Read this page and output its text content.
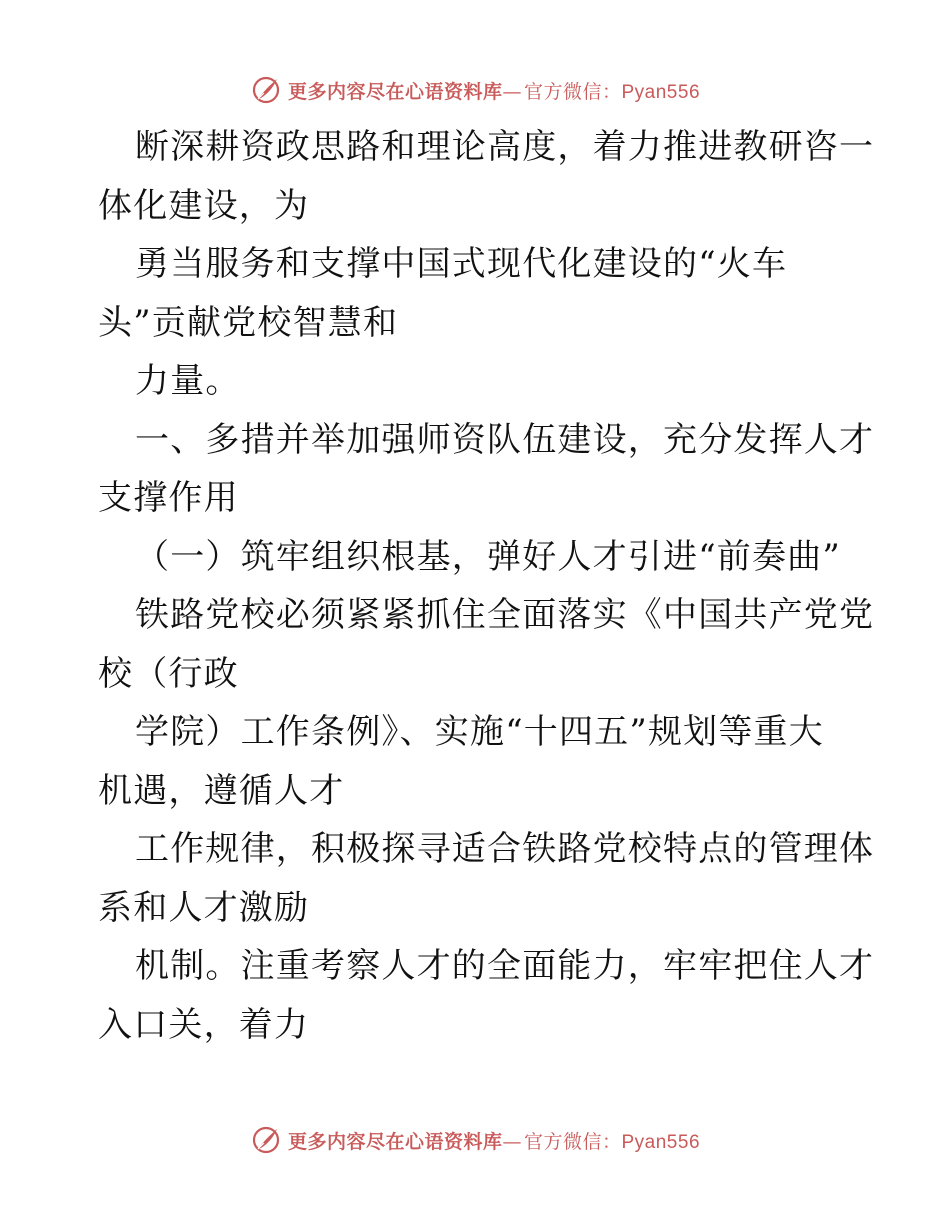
更多内容尽在心语资料库 — 官方微信：Pyan556
断深耕资政思路和理论高度，着力推进教研咨一
体化建设，为
勇当服务和支撑中国式现代化建设的“火车
头”贡献党校智慧和
力量。
一、多措并举加强师资队伍建设，充分发挥人才
支撑作用
（一）筑牢组织根基，弹好人才引进“前奏曲”
铁路党校必须紧紧抓住全面落实《中国共产党党
校（行政
学院）工作条例》、实施“十四五”规划等重大
机遇，遵循人才
工作规律，积极探寻适合铁路党校特点的管理体
系和人才激励
机制。注重考察人才的全面能力，牢牢把住人才
入口关，着力
更多内容尽在心语资料库 — 官方微信：Pyan556
